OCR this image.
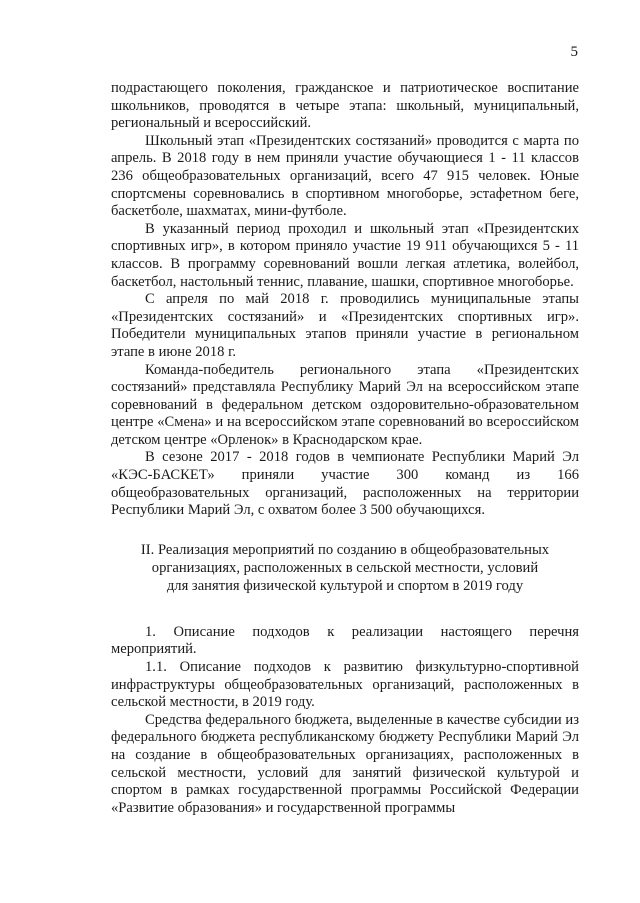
5

подрастающего поколения, гражданское и патриотическое воспитание школьников, проводятся в четыре этапа: школьный, муниципальный, региональный и всероссийский.

Школьный этап «Президентских состязаний» проводится с марта по апрель. В 2018 году в нем приняли участие обучающиеся 1 - 11 классов 236 общеобразовательных организаций, всего 47 915 человек. Юные спортсмены соревновались в спортивном многоборье, эстафетном беге, баскетболе, шахматах, мини-футболе.

В указанный период проходил и школьный этап «Президентских спортивных игр», в котором приняло участие 19 911 обучающихся 5 - 11 классов. В программу соревнований вошли легкая атлетика, волейбол, баскетбол, настольный теннис, плавание, шашки, спортивное многоборье.

С апреля по май 2018 г. проводились муниципальные этапы «Президентских состязаний» и «Президентских спортивных игр». Победители муниципальных этапов приняли участие в региональном этапе в июне 2018 г.

Команда-победитель регионального этапа «Президентских состязаний» представляла Республику Марий Эл на всероссийском этапе соревнований в федеральном детском оздоровительно-образовательном центре «Смена» и на всероссийском этапе соревнований во всероссийском детском центре «Орленок» в Краснодарском крае.

В сезоне 2017 - 2018 годов в чемпионате Республики Марий Эл «КЭС-БАСКЕТ» приняли участие 300 команд из 166 общеобразовательных организаций, расположенных на территории Республики Марий Эл, с охватом более 3 500 обучающихся.

II. Реализация мероприятий по созданию в общеобразовательных
организациях, расположенных в сельской местности, условий
для занятия физической культурой и спортом в 2019 году

1. Описание подходов к реализации настоящего перечня мероприятий.

1.1. Описание подходов к развитию физкультурно-спортивной инфраструктуры общеобразовательных организаций, расположенных в сельской местности, в 2019 году.

Средства федерального бюджета, выделенные в качестве субсидии из федерального бюджета республиканскому бюджету Республики Марий Эл на создание в общеобразовательных организациях, расположенных в сельской местности, условий для занятий физической культурой и спортом в рамках государственной программы Российской Федерации «Развитие образования» и государственной программы
